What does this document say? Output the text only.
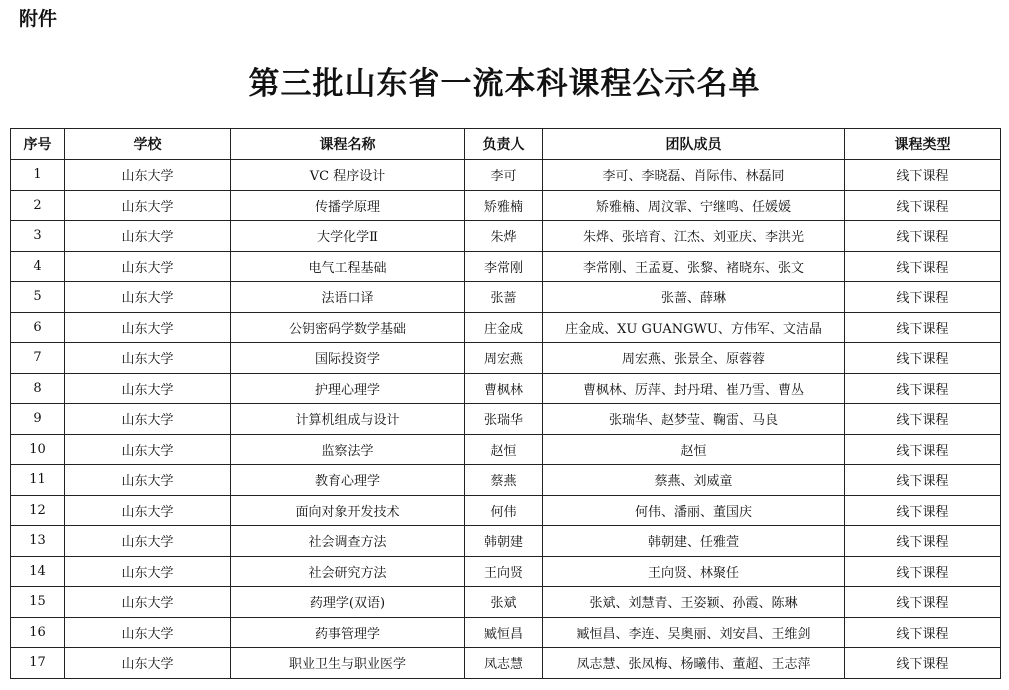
附件
第三批山东省一流本科课程公示名单
序号	学校	课程名称	负责人	团队成员	课程类型
1	山东大学	VC 程序设计	李可	李可、李晓磊、肖际伟、林磊同	线下课程
2	山东大学	传播学原理	矫雅楠	矫雅楠、周汶霏、宁继鸣、任媛媛	线下课程
3	山东大学	大学化学Ⅱ	朱烨	朱烨、张培育、江杰、刘亚庆、李洪光	线下课程
4	山东大学	电气工程基础	李常刚	李常刚、王孟夏、张黎、褚晓东、张文	线下课程
5	山东大学	法语口译	张蔷	张蔷、薛琳	线下课程
6	山东大学	公钥密码学数学基础	庄金成	庄金成、XU GUANGWU、方伟军、文洁晶	线下课程
7	山东大学	国际投资学	周宏燕	周宏燕、张景全、原蓉蓉	线下课程
8	山东大学	护理心理学	曹枫林	曹枫林、厉萍、封丹珺、崔乃雪、曹丛	线下课程
9	山东大学	计算机组成与设计	张瑞华	张瑞华、赵梦莹、鞠雷、马良	线下课程
10	山东大学	监察法学	赵恒	赵恒	线下课程
11	山东大学	教育心理学	蔡燕	蔡燕、刘威童	线下课程
12	山东大学	面向对象开发技术	何伟	何伟、潘丽、董国庆	线下课程
13	山东大学	社会调查方法	韩朝建	韩朝建、任雅萱	线下课程
14	山东大学	社会研究方法	王向贤	王向贤、林聚任	线下课程
15	山东大学	药理学(双语)	张斌	张斌、刘慧青、王姿颖、孙霞、陈琳	线下课程
16	山东大学	药事管理学	臧恒昌	臧恒昌、李连、吴奥丽、刘安昌、王维剑	线下课程
17	山东大学	职业卫生与职业医学	凤志慧	凤志慧、张凤梅、杨曦伟、董超、王志萍	线下课程
